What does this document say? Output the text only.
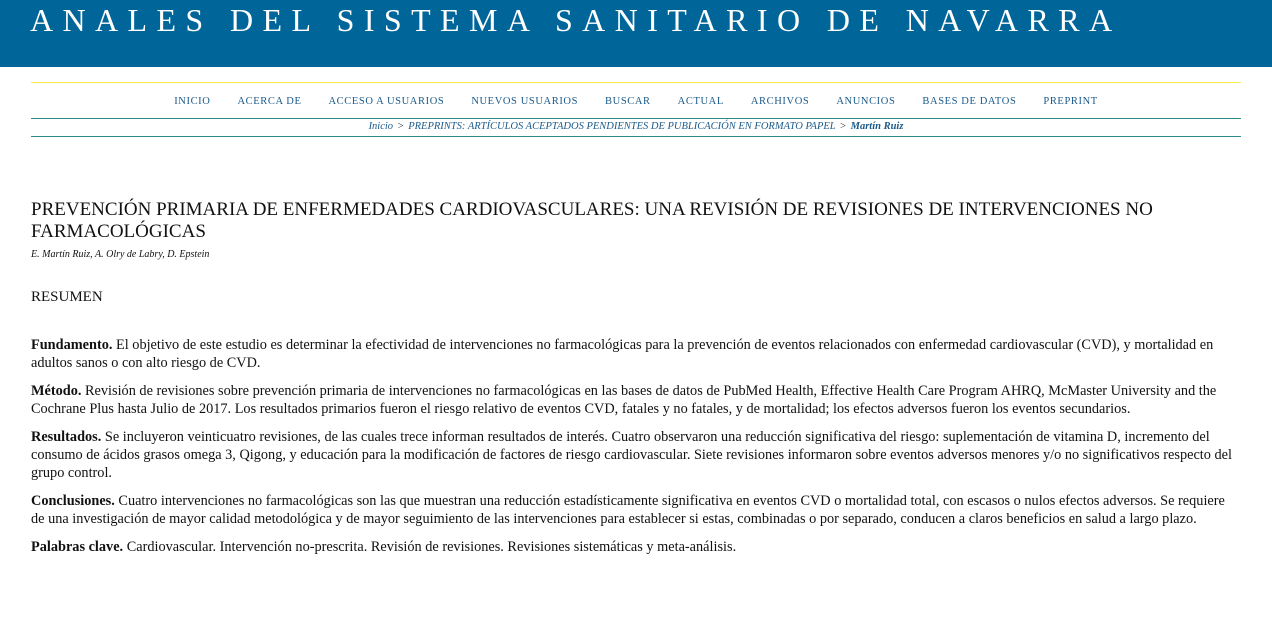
ANALES DEL SISTEMA SANITARIO DE NAVARRA
INICIO	ACERCA DE	ACCESO A USUARIOS	NUEVOS USUARIOS	BUSCAR	ACTUAL	ARCHIVOS	ANUNCIOS	BASES DE DATOS	PREPRINT
Inicio > PREPRINTS: ARTÍCULOS ACEPTADOS PENDIENTES DE PUBLICACIÓN EN FORMATO PAPEL > Martín Ruiz
PREVENCIÓN PRIMARIA DE ENFERMEDADES CARDIOVASCULARES: UNA REVISIÓN DE REVISIONES DE INTERVENCIONES NO FARMACOLÓGICAS
E. Martín Ruiz, A. Olry de Labry, D. Epstein
RESUMEN

Fundamento. El objetivo de este estudio es determinar la efectividad de intervenciones no farmacológicas para la prevención de eventos relacionados con enfermedad cardiovascular (CVD), y mortalidad en adultos sanos o con alto riesgo de CVD.

Método. Revisión de revisiones sobre prevención primaria de intervenciones no farmacológicas en las bases de datos de PubMed Health, Effective Health Care Program AHRQ, McMaster University and the Cochrane Plus hasta Julio de 2017. Los resultados primarios fueron el riesgo relativo de eventos CVD, fatales y no fatales, y de mortalidad; los efectos adversos fueron los eventos secundarios.

Resultados. Se incluyeron veinticuatro revisiones, de las cuales trece informan resultados de interés. Cuatro observaron una reducción significativa del riesgo: suplementación de vitamina D, incremento del consumo de ácidos grasos omega 3, Qigong, y educación para la modificación de factores de riesgo cardiovascular. Siete revisiones informaron sobre eventos adversos menores y/o no significativos respecto del grupo control.

Conclusiones. Cuatro intervenciones no farmacológicas son las que muestran una reducción estadísticamente significativa en eventos CVD o mortalidad total, con escasos o nulos efectos adversos. Se requiere de una investigación de mayor calidad metodológica y de mayor seguimiento de las intervenciones para establecer si estas, combinadas o por separado, conducen a claros beneficios en salud a largo plazo.

Palabras clave. Cardiovascular. Intervención no-prescrita. Revisión de revisiones. Revisiones sistemáticas y meta-análisis.
